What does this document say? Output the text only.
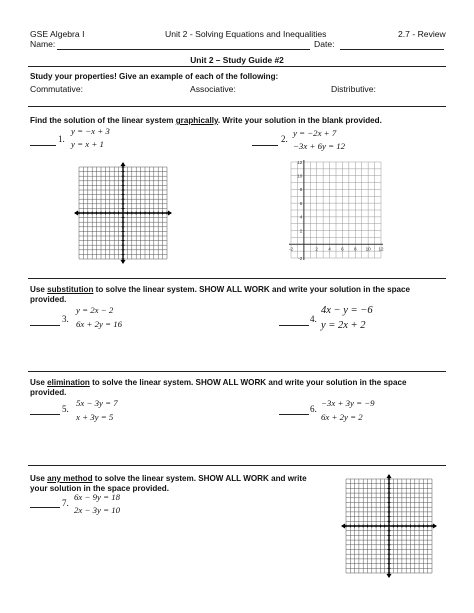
GSE Algebra I	Unit 2 - Solving Equations and Inequalities	2.7 - Review
Name:	Date:
Unit 2 – Study Guide #2
Study your properties! Give an example of each of the following:
Commutative:	Associative:	Distributive:
Find the solution of the linear system graphically. Write your solution in the blank provided.
1.
y = −x + 3
y = x + 1	2.
y = −2x + 7
−3x + 6y = 12
12
10
8
6
4
2
-2
-2	2 4 6 8 10 12
Use substitution to solve the linear system. SHOW ALL WORK and write your solution in the space provided.
3.
y = 2x − 2
6x + 2y = 16	4.
4x − y = −6
y = 2x + 2
Use elimination to solve the linear system. SHOW ALL WORK and write your solution in the space provided.
5.
5x − 3y = 7
x + 3y = 5
6.
−3x + 3y = −9
6x + 2y = 2
Use any method to solve the linear system. SHOW ALL WORK and write
your solution in the space provided.
7.
6x − 9y = 18
2x − 3y = 10
